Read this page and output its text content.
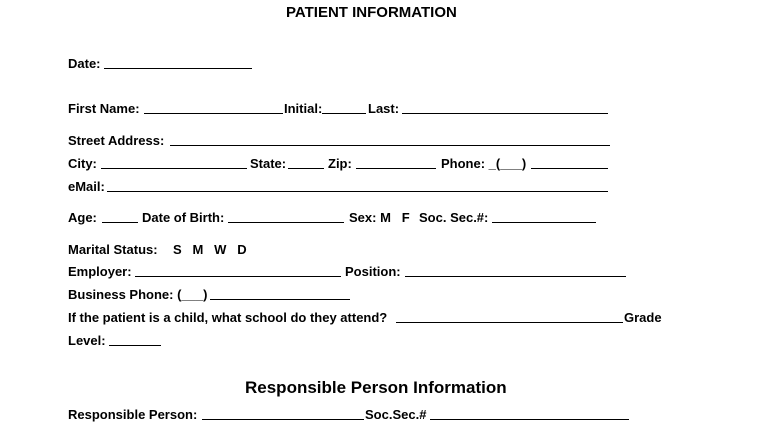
PATIENT INFORMATION
Date:
First Name:	Initial:	Last:
Street Address:
City:	State:	Zip:	Phone: _(___)
eMail:
Age:	Date of Birth:	Sex: M   F Soc. Sec.#:
Marital Status: S   M   W   D
Employer:	Position:
Business Phone: (___)
If the patient is a child, what school do they attend?	Grade
Level:
Responsible Person Information
Responsible Person:	Soc.Sec.#
